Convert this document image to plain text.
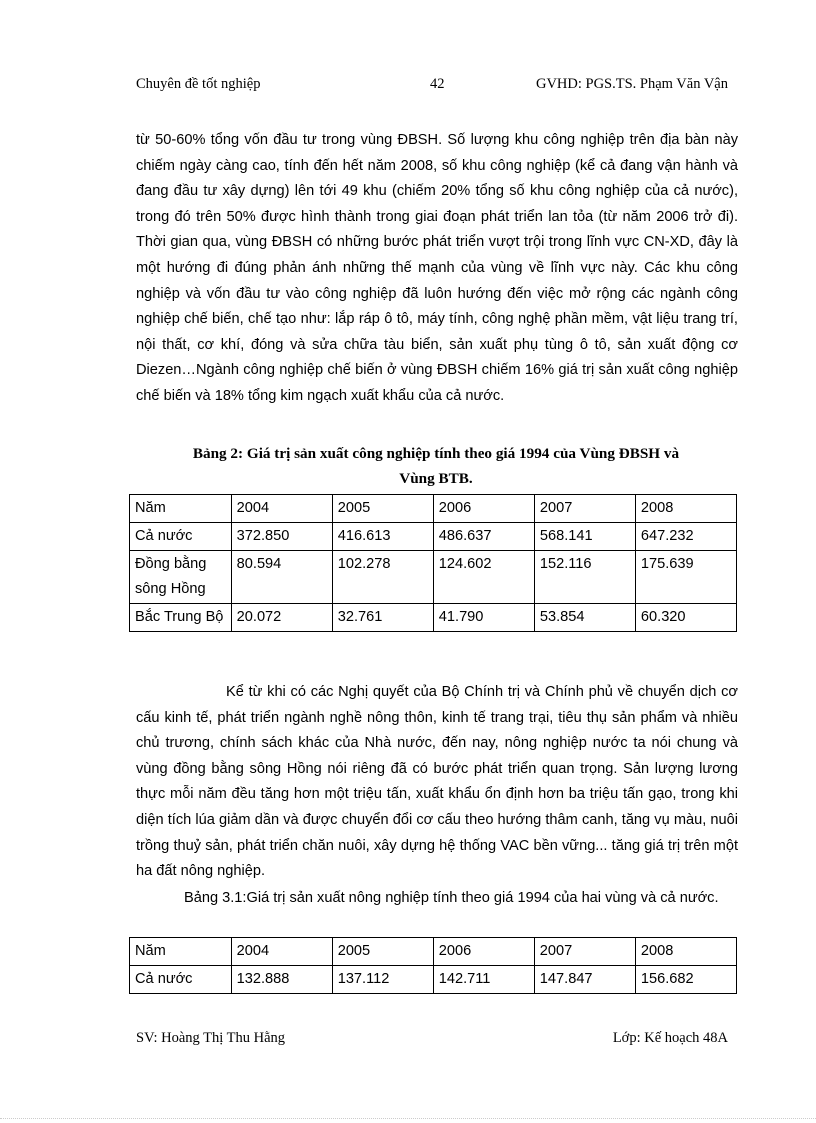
Chuyên đề tốt nghiệp	42	GVHD: PGS.TS. Phạm Văn Vận
từ 50-60% tổng vốn đầu tư trong vùng ĐBSH. Số lượng khu công nghiệp trên địa bàn này chiếm ngày càng cao, tính đến hết năm 2008, số khu công nghiệp (kể cả đang vận hành và đang đầu tư xây dựng) lên tới 49 khu (chiếm 20% tổng số khu công nghiệp của cả nước), trong đó trên 50% được hình thành trong giai đoạn phát triển lan tỏa (từ năm 2006 trở đi). Thời gian qua, vùng ĐBSH có những bước phát triển vượt trội trong lĩnh vực CN-XD, đây là một hướng đi đúng phản ánh những thế mạnh của vùng về lĩnh vực này. Các khu công nghiệp và vốn đầu tư vào công nghiệp đã luôn hướng đến việc mở rộng các ngành công nghiệp chế biến, chế tạo như: lắp ráp ô tô, máy tính, công nghệ phần mềm, vật liệu trang trí, nội thất, cơ khí, đóng và sửa chữa tàu biển, sản xuất phụ tùng ô tô, sản xuất động cơ Diezen…Ngành công nghiệp chế biến ở vùng ĐBSH chiếm 16% giá trị sản xuất công nghiệp chế biến và 18% tổng kim ngạch xuất khẩu của cả nước.
Bảng 2: Giá trị sản xuất công nghiệp tính theo giá 1994 của Vùng ĐBSH và
Vùng BTB.
Năm	2004	2005	2006	2007	2008
Cả nước	372.850	416.613	486.637	568.141	647.232
Đồng bằng sông Hồng	80.594	102.278	124.602	152.116	175.639
Bắc Trung Bộ	20.072	32.761	41.790	53.854	60.320
Kể từ khi có các Nghị quyết của Bộ Chính trị và Chính phủ về chuyển dịch cơ cấu kinh tế, phát triển ngành nghề nông thôn, kinh tế trang trại, tiêu thụ sản phẩm và nhiều chủ trương, chính sách khác của Nhà nước, đến nay, nông nghiệp nước ta nói chung và vùng đồng bằng sông Hồng nói riêng đã có bước phát triển quan trọng. Sản lượng lương thực mỗi năm đều tăng hơn một triệu tấn, xuất khẩu ổn định hơn ba triệu tấn gạo, trong khi diện tích lúa giảm dần và được chuyển đổi cơ cấu theo hướng thâm canh, tăng vụ màu, nuôi trồng thuỷ sản, phát triển chăn nuôi, xây dựng hệ thống VAC bền vững... tăng giá trị trên một ha đất nông nghiệp.
Bảng 3.1:Giá trị sản xuất nông nghiệp tính theo giá 1994 của hai vùng và cả nước.
Năm	2004	2005	2006	2007	2008
Cả nước	132.888	137.112	142.711	147.847	156.682
SV: Hoàng Thị Thu Hằng	Lớp: Kế hoạch 48A
